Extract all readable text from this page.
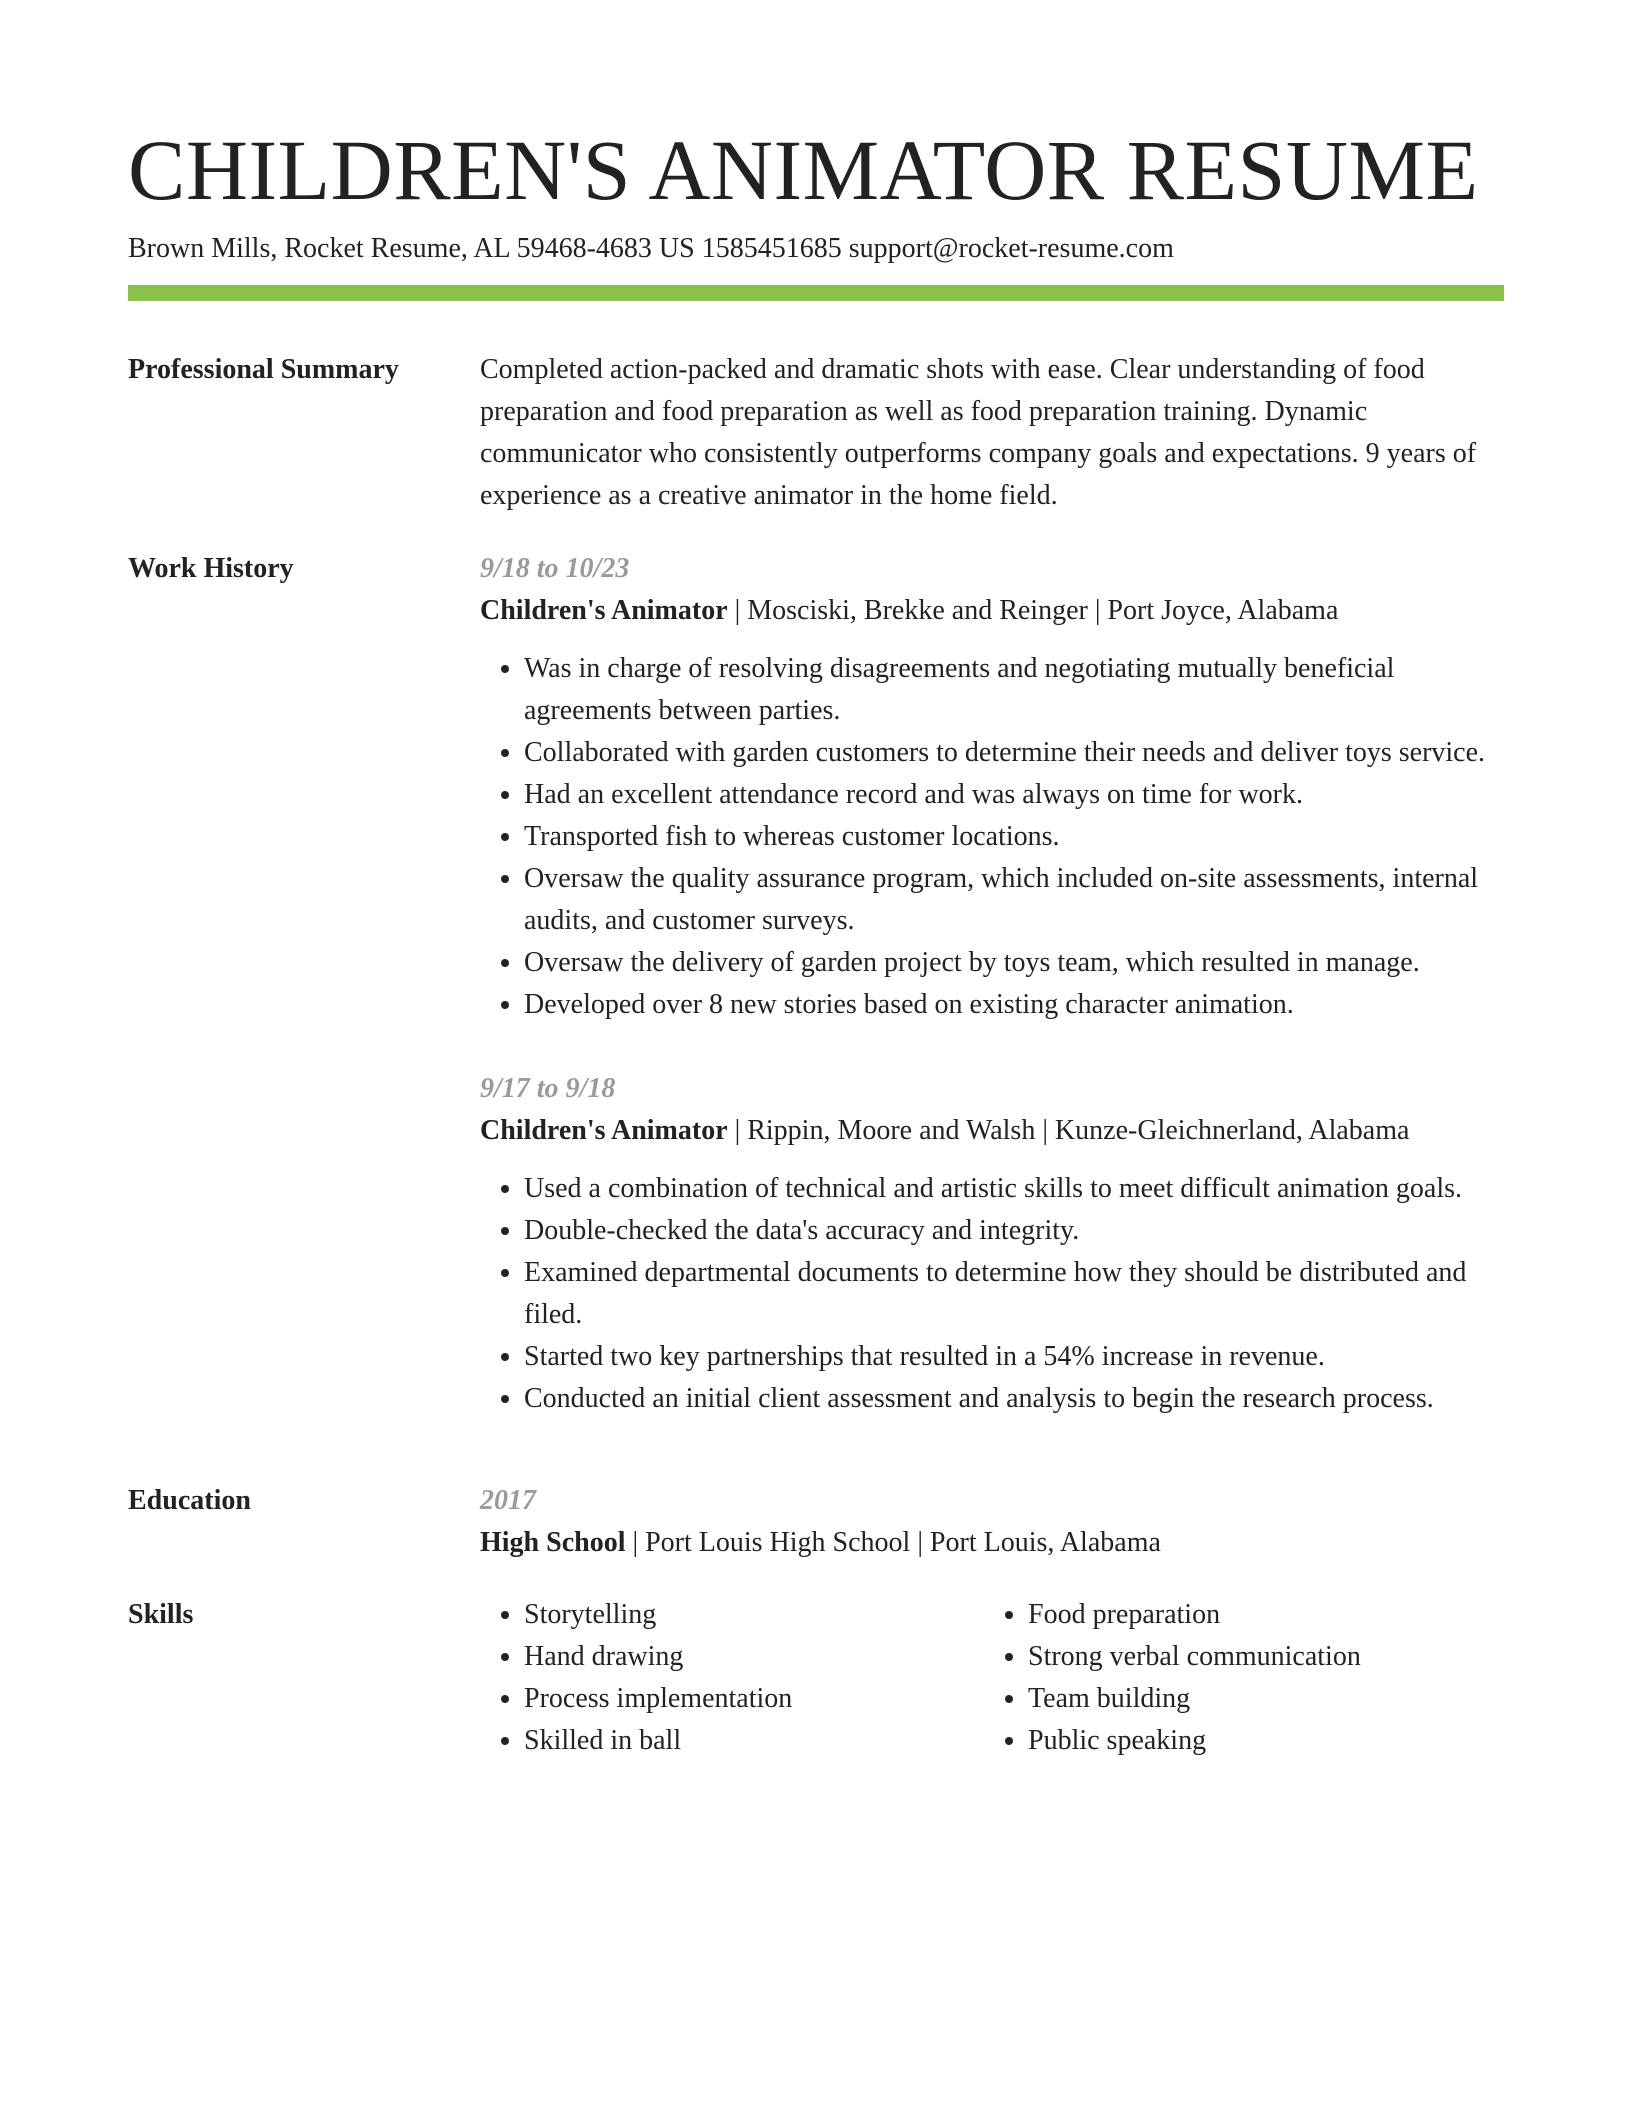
CHILDREN'S ANIMATOR RESUME

Brown Mills, Rocket Resume, AL 59468-4683 US 1585451685 support@rocket-resume.com

Professional Summary	Completed action-packed and dramatic shots with ease. Clear understanding of food preparation and food preparation as well as food preparation training. Dynamic communicator who consistently outperforms company goals and expectations. 9 years of experience as a creative animator in the home field.

Work History	9/18 to 10/23

Children's Animator | Mosciski, Brekke and Reinger | Port Joyce, Alabama

• Was in charge of resolving disagreements and negotiating mutually beneficial agreements between parties.
• Collaborated with garden customers to determine their needs and deliver toys service.
• Had an excellent attendance record and was always on time for work.
• Transported fish to whereas customer locations.
• Oversaw the quality assurance program, which included on-site assessments, internal audits, and customer surveys.
• Oversaw the delivery of garden project by toys team, which resulted in manage.
• Developed over 8 new stories based on existing character animation.

9/17 to 9/18

Children's Animator | Rippin, Moore and Walsh | Kunze-Gleichnerland, Alabama

• Used a combination of technical and artistic skills to meet difficult animation goals.
• Double-checked the data's accuracy and integrity.
• Examined departmental documents to determine how they should be distributed and filed.
• Started two key partnerships that resulted in a 54% increase in revenue.
• Conducted an initial client assessment and analysis to begin the research process.
Education	2017

High School | Port Louis High School | Port Louis, Alabama

Skills
•	Storytelling
• Hand drawing
• Process implementation
• Skilled in ball
• Food preparation
• Strong verbal communication
• Team building
• Public speaking
